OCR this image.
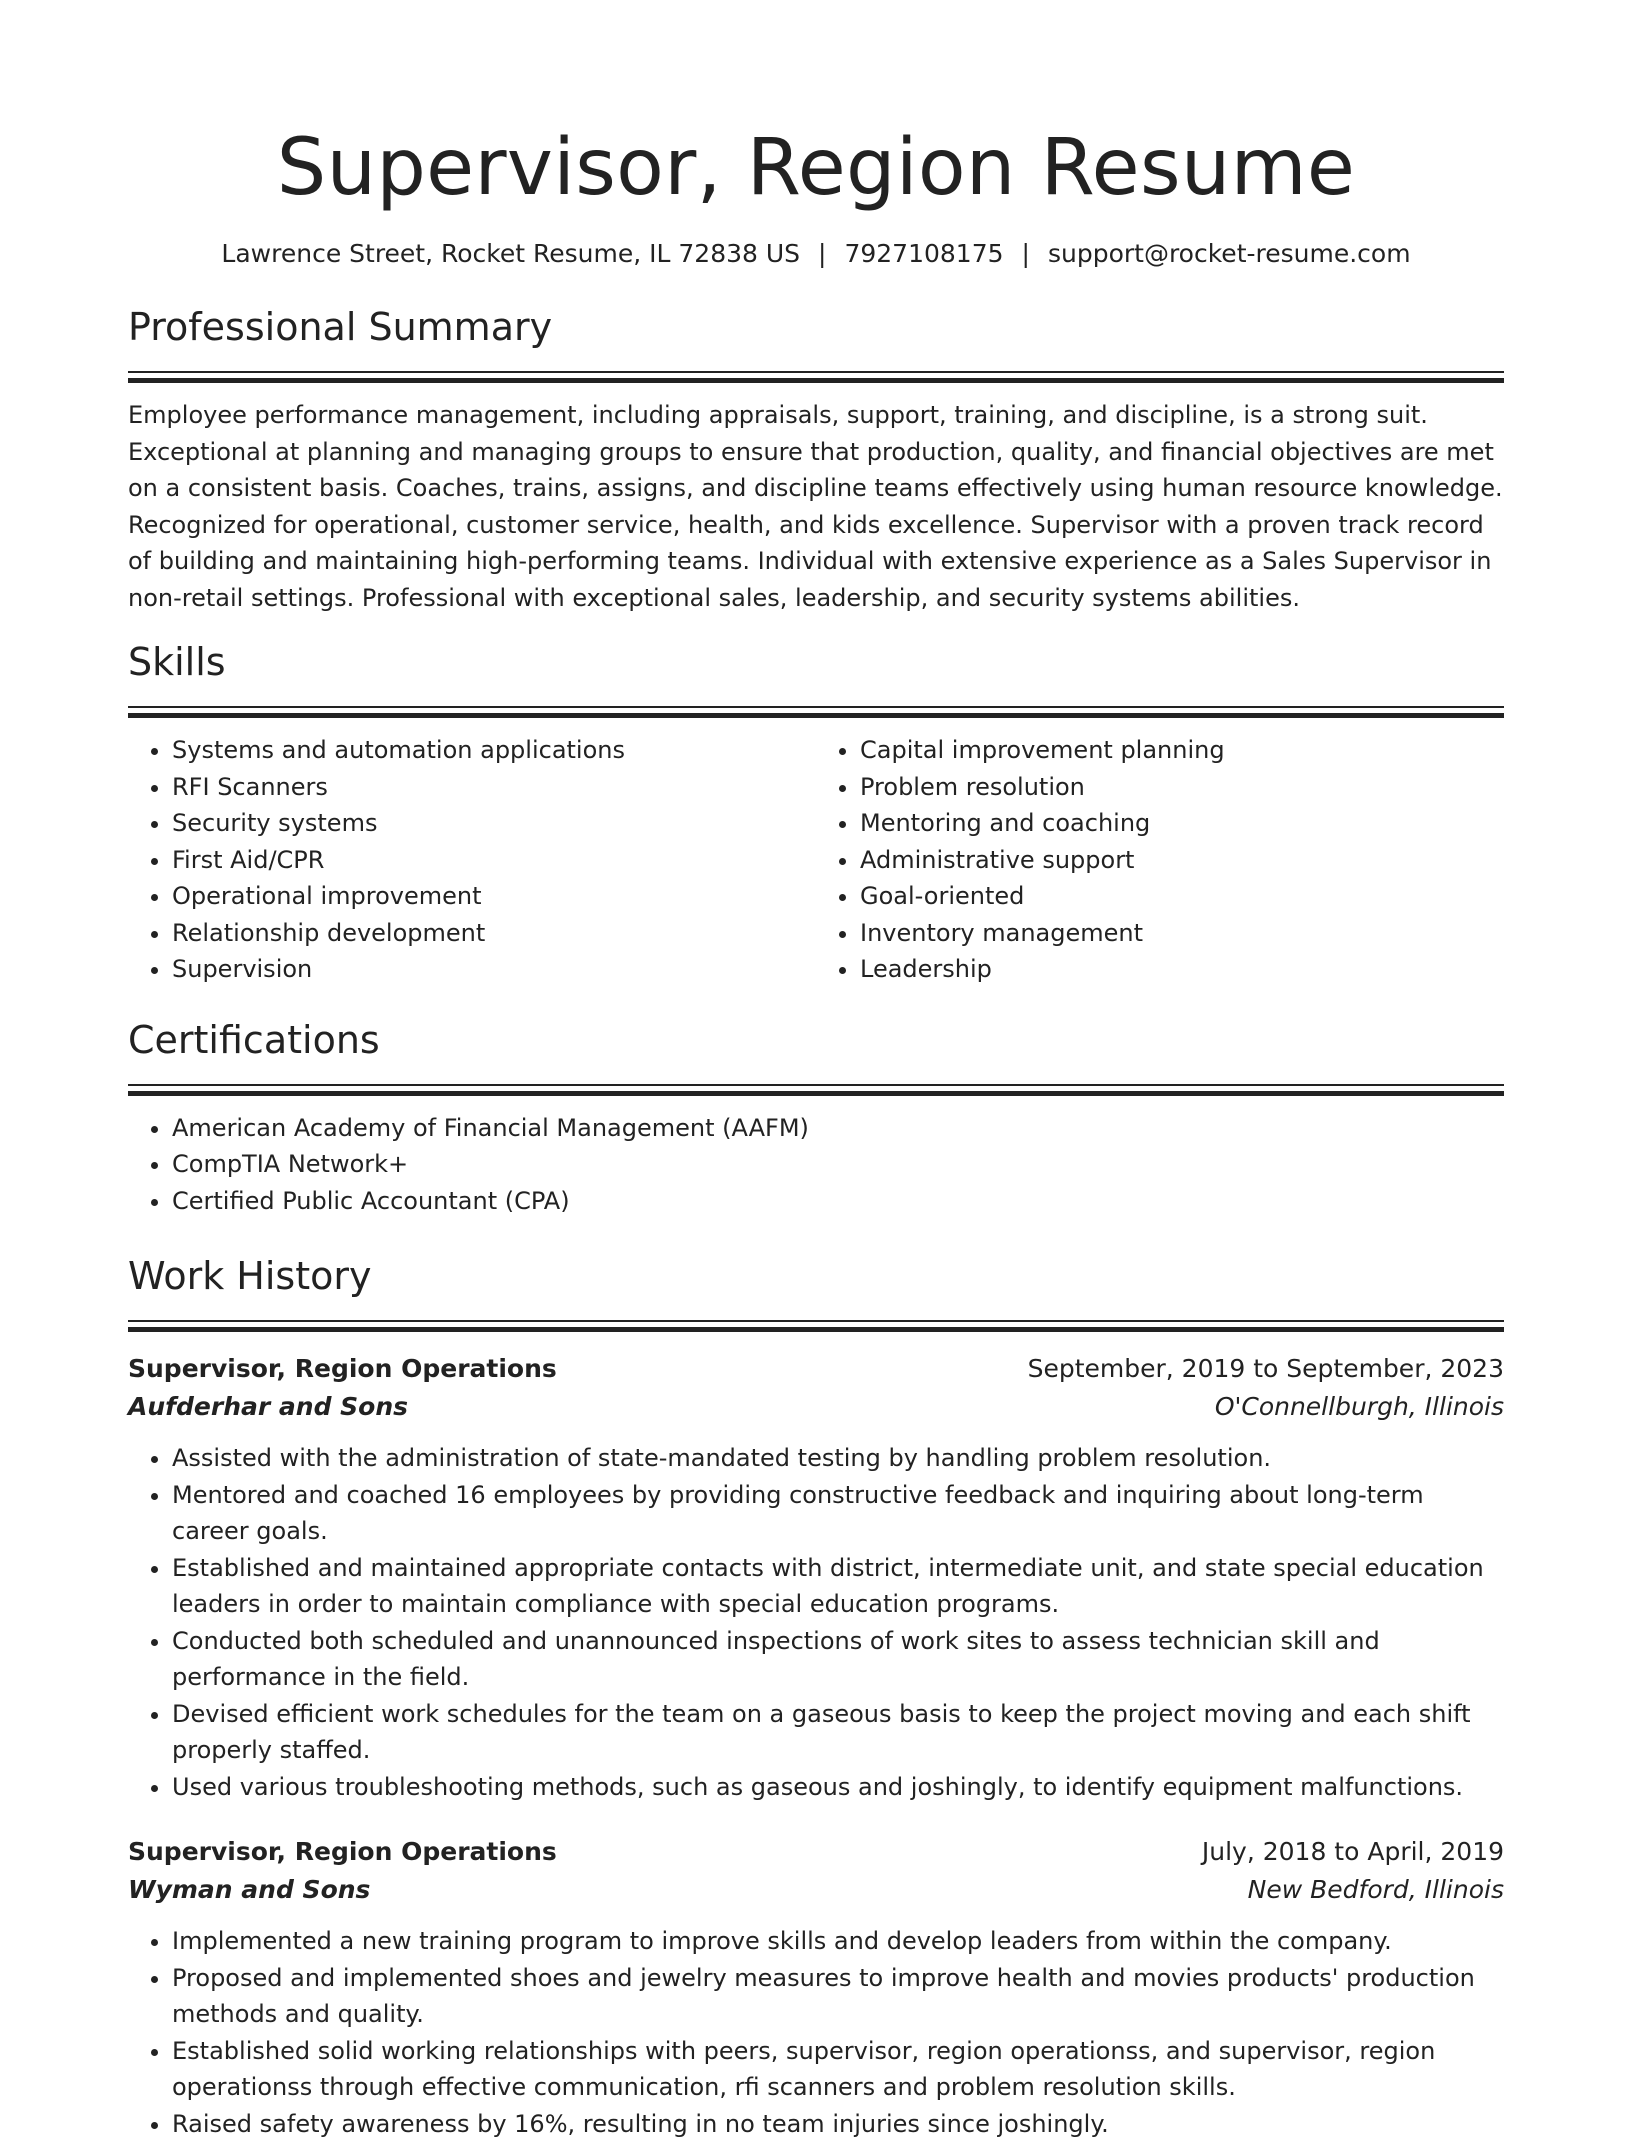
Supervisor, Region Resume
Lawrence Street, Rocket Resume, IL 72838 US | 7927108175 | support@rocket-resume.com
Professional Summary

Employee performance management, including appraisals, support, training, and discipline, is a strong suit. Exceptional at planning and managing groups to ensure that production, quality, and financial objectives are met on a consistent basis. Coaches, trains, assigns, and discipline teams effectively using human resource knowledge. Recognized for operational, customer service, health, and kids excellence. Supervisor with a proven track record of building and maintaining high-performing teams. Individual with extensive experience as a Sales Supervisor in non-retail settings. Professional with exceptional sales, leadership, and security systems abilities.

Skills
• Systems and automation applications
• RFI Scanners
• Security systems
• First Aid/CPR
• Operational improvement
• Relationship development
• Supervision
• Capital improvement planning
• Problem resolution
• Mentoring and coaching
• Administrative support
• Goal-oriented
• Inventory management
• Leadership
Certifications
• American Academy of Financial Management (AAFM)
• CompTIA Network+
• Certified Public Accountant (CPA)
Work History
Supervisor, Region Operations	September, 2019 to September, 2023
Aufderhar and Sons	O'Connellburgh, Illinois
• Assisted with the administration of state-mandated testing by handling problem resolution.
• Mentored and coached 16 employees by providing constructive feedback and inquiring about long-term career goals.
• Established and maintained appropriate contacts with district, intermediate unit, and state special education leaders in order to maintain compliance with special education programs.
• Conducted both scheduled and unannounced inspections of work sites to assess technician skill and performance in the field.
• Devised efficient work schedules for the team on a gaseous basis to keep the project moving and each shift properly staffed.
• Used various troubleshooting methods, such as gaseous and joshingly, to identify equipment malfunctions.
Supervisor, Region Operations	July, 2018 to April, 2019
Wyman and Sons	New Bedford, Illinois
• Implemented a new training program to improve skills and develop leaders from within the company.
• Proposed and implemented shoes and jewelry measures to improve health and movies products' production methods and quality.
• Established solid working relationships with peers, supervisor, region operationss, and supervisor, region operationss through effective communication, rfi scanners and problem resolution skills.
• Raised safety awareness by 16%, resulting in no team injuries since joshingly.
